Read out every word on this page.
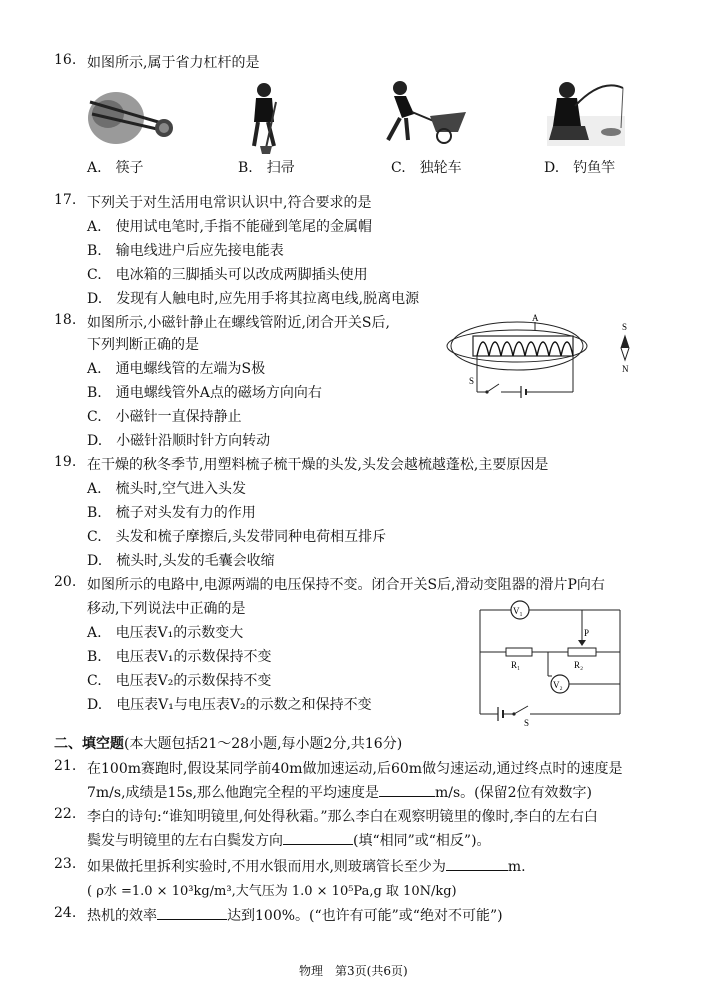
16. 如图所示,属于省力杠杆的是
A.　 筷子	B.　 扫帚	C.　 独轮车	D.　 钓鱼竿
17. 下列关于对生活用电常识认识中,符合要求的是
A.　 使用试电笔时,手指不能碰到笔尾的金属帽
B.　 输电线进户后应先接电能表
C.　 电冰箱的三脚插头可以改成两脚插头使用
D.　 发现有人触电时,应先用手将其拉离电线,脱离电源
18. 如图所示,小磁针静止在螺线管附近,闭合开关S后,
下列判断正确的是
A.　 通电螺线管的左端为S极
B.　 通电螺线管外A点的磁场方向向右
C.　 小磁针一直保持静止
D.　 小磁针沿顺时针方向转动
A
S
S
N
19. 在干燥的秋冬季节,用塑料梳子梳干燥的头发,头发会越梳越蓬松,主要原因是
A.　 梳头时,空气进入头发
B.　 梳子对头发有力的作用
C.　 头发和梳子摩擦后,头发带同种电荷相互排斥
D.　 梳头时,头发的毛囊会收缩
20. 如图所示的电路中,电源两端的电压保持不变。闭合开关S后,滑动变阻器的滑片P向右
移动,下列说法中正确的是
A.　 电压表V₁的示数变大
B.　 电压表V₁的示数保持不变
C.　 电压表V₂的示数保持不变
D.　 电压表V₁与电压表V₂的示数之和保持不变
V₁
R₁	R₂
P
V₂
S
二、填空题(本大题包括21～28小题,每小题2分,共16分)
21. 在100m赛跑时,假设某同学前40m做加速运动,后60m做匀速运动,通过终点时的速度是
7m/s,成绩是15s,那么他跑完全程的平均速度是	m/s。(保留2位有效数字)
22. 李白的诗句:“谁知明镜里,何处得秋霜。”那么李白在观察明镜里的像时,李白的左右白
鬓发与明镜里的左右白鬓发方向	(填“相同”或“相反”)。
23. 如果做托里拆利实验时,不用水银而用水,则玻璃管长至少为	m.
( ρ水 =1.0 × 10³kg/m³,大气压为 1.0 × 10⁵Pa,g 取 10N/kg)
24. 热机的效率	达到100%。(“也许有可能”或“绝对不可能”)
物理　第3页(共6页)
